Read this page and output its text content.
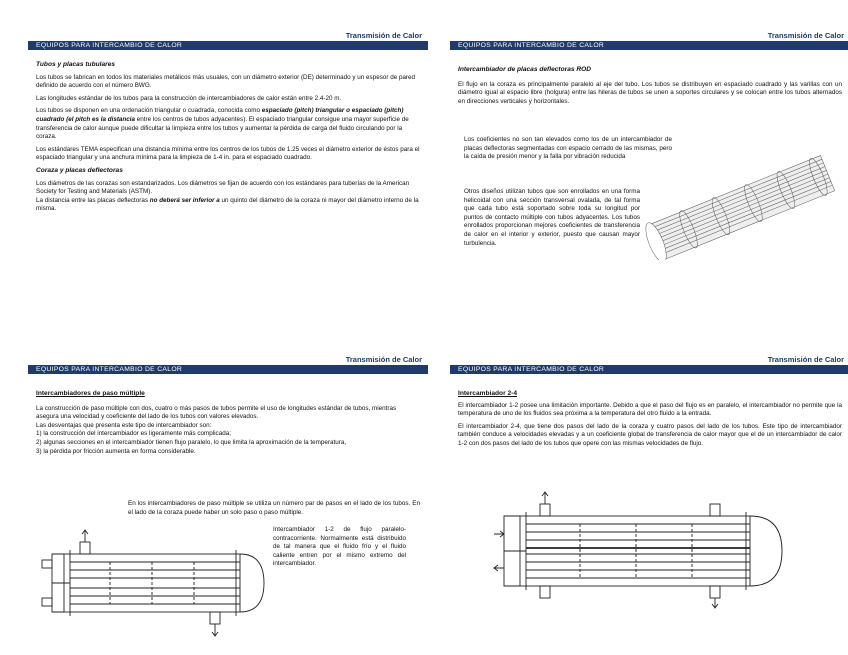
Transmisión de Calor
EQUIPOS PARA INTERCAMBIO DE CALOR

Tubos y placas tubulares

Los tubos se fabrican en todos los materiales metálicos más usuales, con un diámetro exterior (DE) determinado y un espesor de pared definido de acuerdo con el número BWG.

Las longitudes estándar de los tubos para la construcción de intercambiadores de calor están entre 2.4-20 m.

Los tubos se disponen en una ordenación triangular o cuadrada, conocida como espaciado (pitch) triangular o espaciado (pitch) cuadrado (el pitch es la distancia entre los centros de tubos adyacentes). El espaciado triangular consigue una mayor superficie de transferencia de calor aunque puede dificultar la limpieza entre los tubos y aumentar la pérdida de carga del fluido circulando por la coraza.

Los estándares TEMA especifican una distancia mínima entre los centros de los tubos de 1.25 veces el diámetro exterior de éstos para el espaciado triangular y una anchura mínima para la limpieza de 1-4 in. para el espaciado cuadrado.

Coraza y placas deflectoras

Los diámetros de las corazas son estandarizados. Los diámetros se fijan de acuerdo con los estándares para tuberías de la American Society for Testing and Materials (ASTM).

La distancia entre las placas deflectoras no deberá ser inferior a un quinto del diámetro de la coraza ni mayor del diámetro interno de la misma.

Transmisión de Calor
EQUIPOS PARA INTERCAMBIO DE CALOR

Intercambiador de placas deflectoras ROD

El flujo en la coraza es principalmente paralelo al eje del tubo. Los tubos se distribuyen en espaciado cuadrado y las varillas con un diámetro igual al espacio libre (holgura) entre las hileras de tubos se unen a soportes circulares y se colocan entre los tubos alternados en direcciones verticales y horizontales.

Los coeficientes no son tan elevados como los de un intercambiador de placas deflectoras segmentadas con espacio cerrado de las mismas, pero la caída de presión menor y la falla por vibración reducida
Otros diseños utilizan tubos que son enrollados en una forma helicoidal con una sección transversal ovalada, de tal forma que cada tubo está soportado sobre toda su longitud por puntos de contacto múltiple con tubos adyacentes. Los tubos enrollados proporcionan mejores coeficientes de transferencia de calor en el interior y exterior, puesto que causan mayor turbulencia.
Transmisión de Calor
EQUIPOS PARA INTERCAMBIO DE CALOR

Intercambiadores de paso múltiple

La construcción de paso múltiple con dos, cuatro o más pasos de tubos permite el uso de longitudes estándar de tubos, mientras asegura una velocidad y coeficiente del lado de los tubos con valores elevados.

Las desventajas que presenta este tipo de intercambiador son:

1) la construcción del intercambiador es ligeramente más complicada;

2) algunas secciones en el intercambiador tienen flujo paralelo, lo que limita la aproximación de la temperatura,

3) la pérdida por fricción aumenta en forma considerable.

En los intercambiadores de paso múltiple se utiliza un número par de pasos en el lado de los tubos. En el lado de la coraza puede haber un solo paso o paso múltiple.
Intercambiador 1-2 de flujo paralelo-contracorriente. Normalmente está distribuido de tal manera que el fluido frío y el fluido caliente entren por el mismo extremo del intercambiador.
Transmisión de Calor
EQUIPOS PARA INTERCAMBIO DE CALOR

Intercambiador 2-4

El intercambiador 1-2 posee una limitación importante. Debido a que el paso del flujo es en paralelo, el intercambiador no permite que la temperatura de uno de los fluidos sea próxima a la temperatura del otro fluido a la entrada.

El intercambiador 2-4, que tiene dos pasos del lado de la coraza y cuatro pasos del lado de los tubos. Este tipo de intercambiador también conduce a velocidades elevadas y a un coeficiente global de transferencia de calor mayor que el de un intercambiador de calor 1-2 con dos pasos del lado de los tubos que opere con las mismas velocidades de flujo.
